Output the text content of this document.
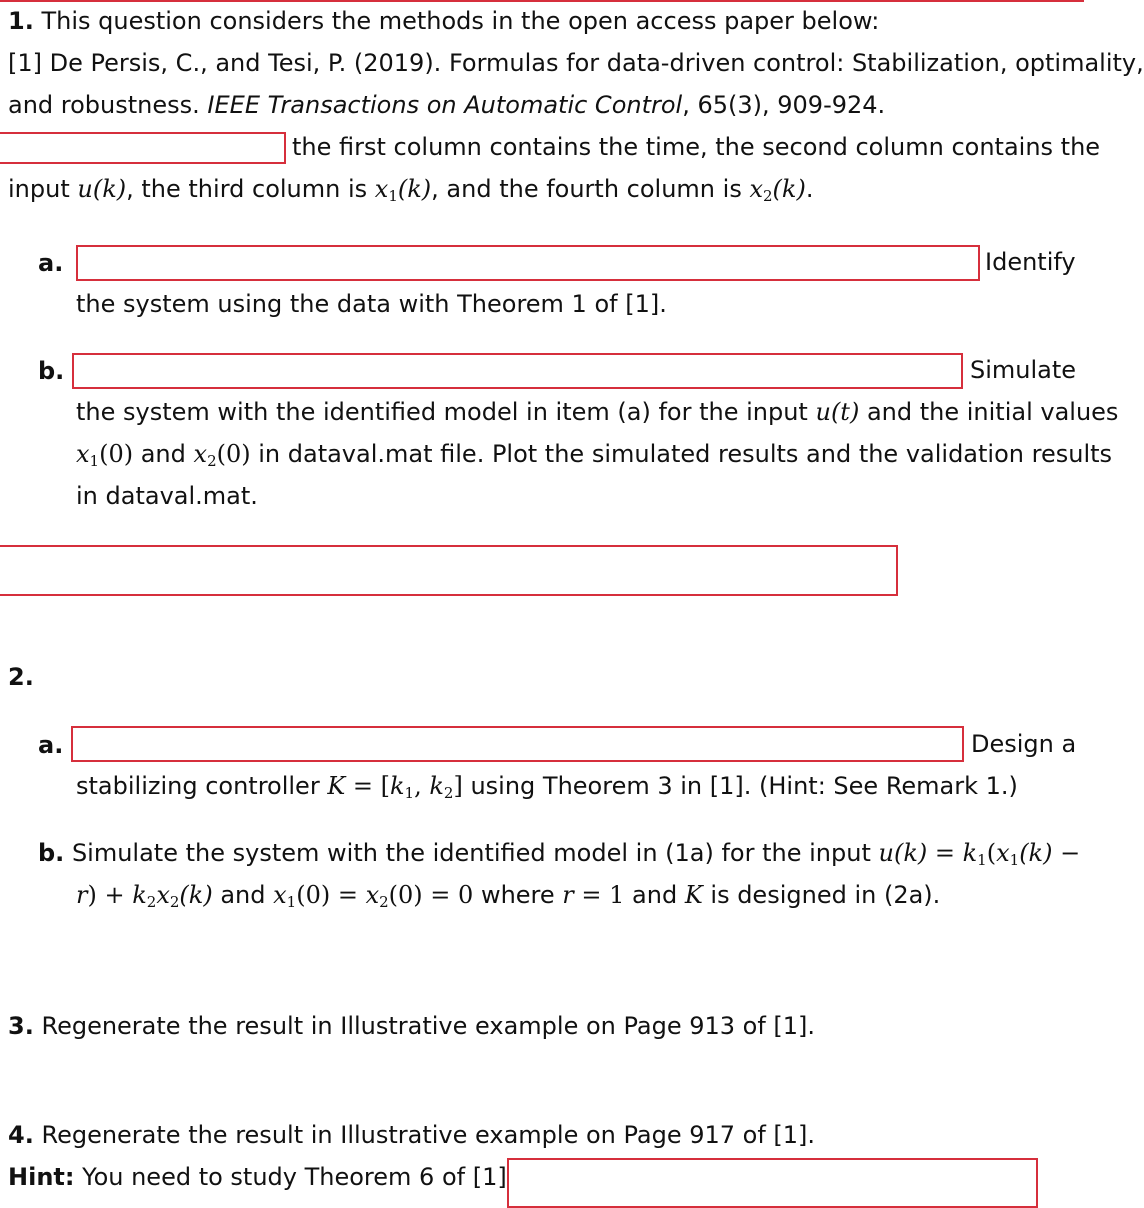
1. This question considers the methods in the open access paper below:
[1] De Persis, C., and Tesi, P. (2019). Formulas for data-driven control: Stabilization, optimality,
and robustness. IEEE Transactions on Automatic Control, 65(3), 909-924.
the first column contains the time, the second column contains the
input u(k), the third column is $x_1(k)$, and the fourth column is $x_2(k)$.
a.	Identify
the system using the data with Theorem 1 of [1].
b.	Simulate
the system with the identified model in item (a) for the input u(t) and the initial values
$x_1(0)$ and $x_2(0)$ in dataval.mat file. Plot the simulated results and the validation results
in dataval.mat.
2.
a.	Design a
stabilizing controller $K = [k_1$, $k_2$] using Theorem 3 in [1]. (Hint: See Remark 1.)
b. Simulate the system with the identified model in (1a) for the input $u(k) = k_1(x_1(k)$ −
$r) + k_2x_2(k)$ and $x_1(0) = x_2(0) = 0$ where r = 1 and K is designed in (2a).
3. Regenerate the result in Illustrative example on Page 913 of [1].
4. Regenerate the result in Illustrative example on Page 917 of [1].
Hint: You need to study Theorem 6 of [1]
